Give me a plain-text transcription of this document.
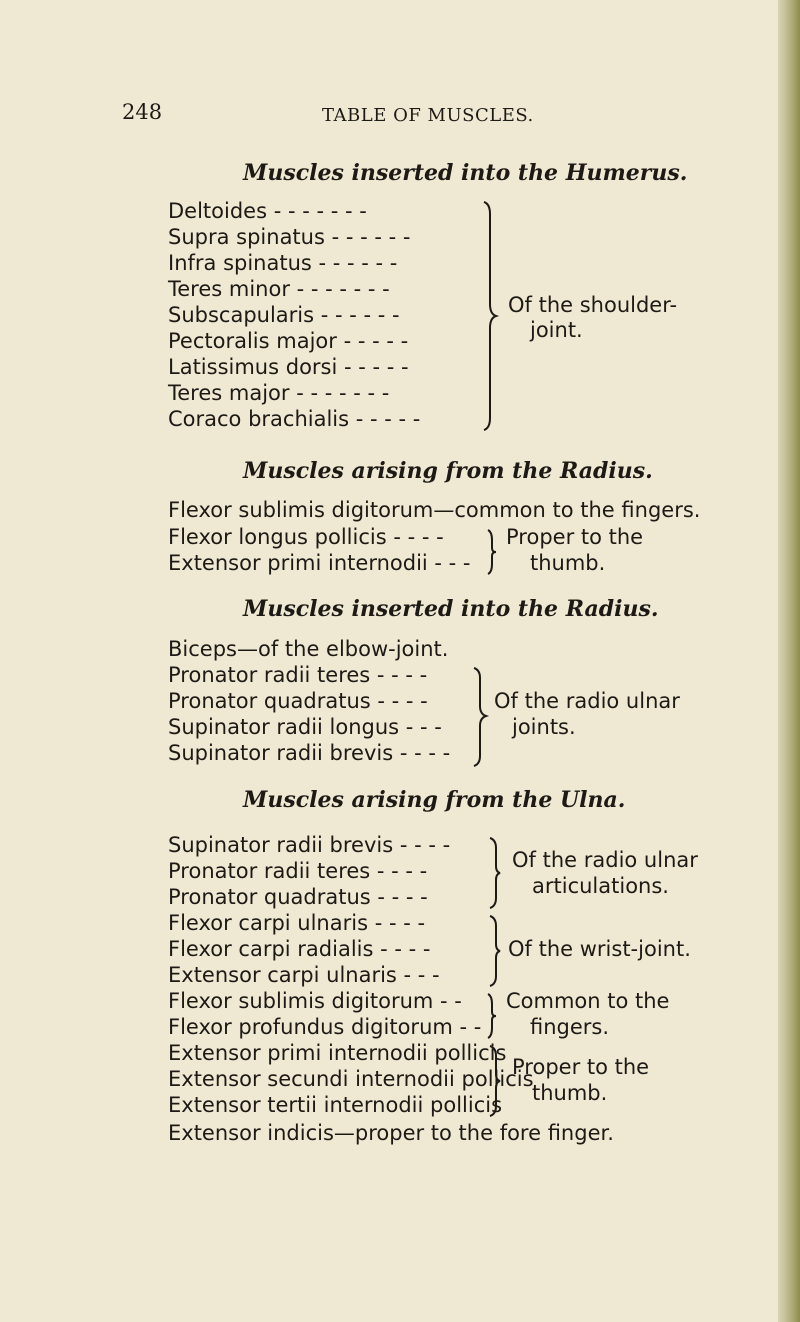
248	TABLE OF MUSCLES.
Muscles inserted into the Humerus.
Deltoides - - - - - - -
Supra spinatus - - - - - -
Infra spinatus - - - - - -
Teres minor - - - - - - -
Subscapularis - - - - - -
Pectoralis major - - - - -
Latissimus dorsi - - - - -
Teres major - - - - - - -
Coraco brachialis - - - - -
Of the shoulder-
joint.
Muscles arising from the Radius.
Flexor sublimis digitorum—common to the fingers.
Flexor longus pollicis - - - -
Extensor primi internodii - - -
Proper to the
thumb.
Muscles inserted into the Radius.
Biceps—of the elbow-joint.
Pronator radii teres - - - -
Pronator quadratus - - - -
Supinator radii longus - - -
Supinator radii brevis - - - -
Of the radio ulnar
joints.
Muscles arising from the Ulna.
Supinator radii brevis - - - -
Pronator radii teres - - - -
Pronator quadratus - - - -
Flexor carpi ulnaris - - - -
Flexor carpi radialis - - - -
Extensor carpi ulnaris - - -
Flexor sublimis digitorum - -
Flexor profundus digitorum - -
Extensor primi internodii pollicis
Extensor secundi internodii pollicis
Extensor tertii internodii pollicis
Extensor indicis—proper to the fore finger.
Of the radio ulnar
articulations.
Of the wrist-joint.
Common to the
fingers.
Proper to the
thumb.
